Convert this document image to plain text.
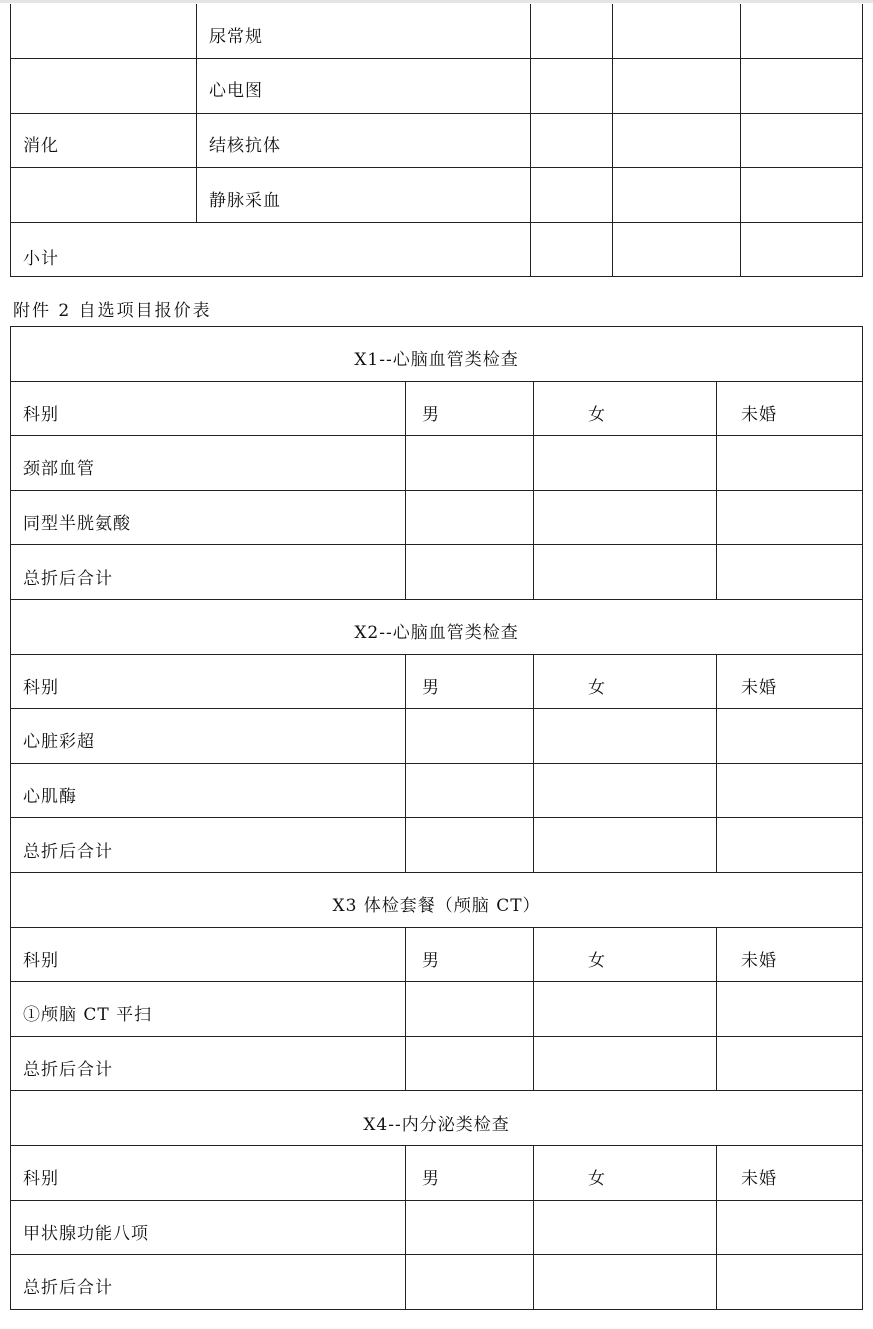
	尿常规			
	心电图			
消化	结核抗体			
	静脉采血			
小计				
附件 2 自选项目报价表
X1--心脑血管类检查			
科别	男	女	未婚
颈部血管			
同型半胱氨酸			
总折后合计			
X2--心脑血管类检查			
科别	男	女	未婚
心脏彩超			
心肌酶			
总折后合计			
X3 体检套餐（颅脑 CT）			
科别	男	女	未婚
①颅脑 CT 平扫			
总折后合计			
X4--内分泌类检查			
科别	男	女	未婚
甲状腺功能八项			
总折后合计			
